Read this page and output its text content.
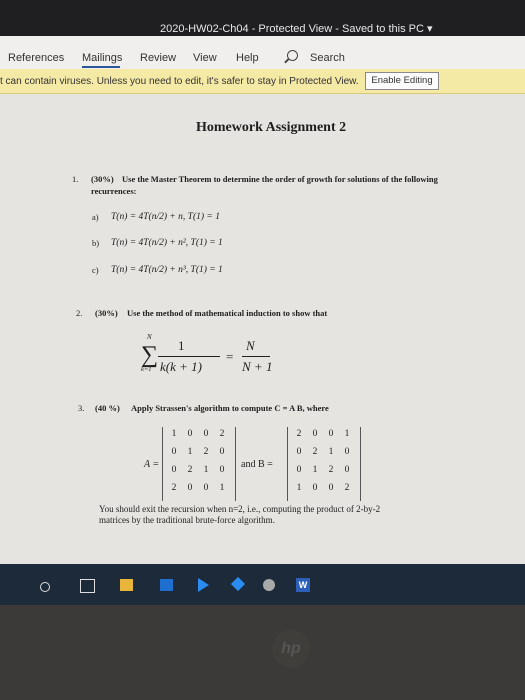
2020-HW02-Ch04 - Protected View - Saved to this PC ▾
References Mailings Review View Help	Search
t can contain viruses. Unless you need to edit, it's safer to stay in Protected View.	Enable Editing
Homework Assignment 2
1. (30%) Use the Master Theorem to determine the order of growth for solutions of the following
recurrences:
a) T(n) = 4T(n/2) + n, T(1) = 1
b) T(n) = 4T(n/2) + n², T(1) = 1
c) T(n) = 4T(n/2) + n³, T(1) = 1
2. (30%) Use the method of mathematical induction to show that
N
∑
k=1
1
k(k + 1)
=
N
N + 1
3. (40 %) Apply Strassen's algorithm to compute C = A B, where
A =
1	0	0	2
0	1	2	0
0	2	1	0
2	0	0	1
and B =
2	0	0	1
0	2	1	0
0	1	2	0
1	0	0	2
You should exit the recursion when n=2, i.e., computing the product of 2-by-2
matrices by the traditional brute-force algorithm.
W
hp
